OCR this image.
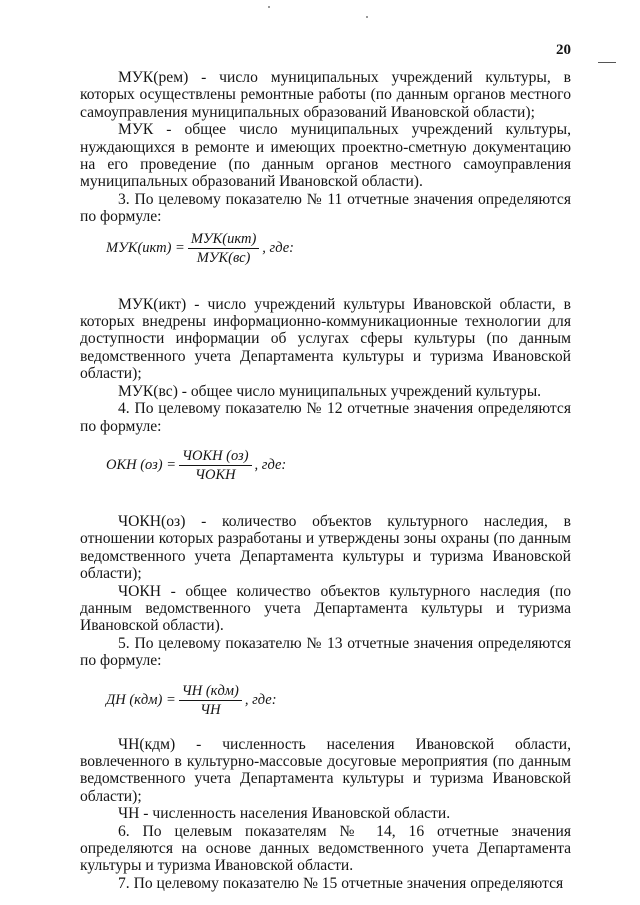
20

МУК(рем) - число муниципальных учреждений культуры, в которых осуществлены ремонтные работы (по данным органов местного самоуправления муниципальных образований Ивановской области);

МУК - общее число муниципальных учреждений культуры, нуждающихся в ремонте и имеющих проектно-сметную документацию на его проведение (по данным органов местного самоуправления муниципальных образований Ивановской области).

3. По целевому показателю № 11 отчетные значения определяются по формуле:

$МУК(икт) = \frac{\text{МУК(икт)}}{\text{МУК(вс)}}$ , где:

МУК(икт) - число учреждений культуры Ивановской области, в которых внедрены информационно-коммуникационные технологии для доступности информации об услугах сферы культуры (по данным ведомственного учета Департамента культуры и туризма Ивановской области);

МУК(вс) - общее число муниципальных учреждений культуры.

4. По целевому показателю № 12 отчетные значения определяются по формуле:

ОКН $(оз) = \frac{\text{ЧОКН (оз)}}{\text{ЧОКН}}$ , где:

ЧОКН(оз) - количество объектов культурного наследия, в отношении которых разработаны и утверждены зоны охраны (по данным ведомственного учета Департамента культуры и туризма Ивановской области);

ЧОКН - общее количество объектов культурного наследия (по данным ведомственного учета Департамента культуры и туризма Ивановской области).

5. По целевому показателю № 13 отчетные значения определяются по формуле:

ДН $(кдм) = \frac{\text{ЧН (кдм)}}{ЧН}$ , где:

ЧН(кдм) - численность населения Ивановской области, вовлеченного в культурно-массовые досуговые мероприятия (по данным ведомственного учета Департамента культуры и туризма Ивановской области);

ЧН - численность населения Ивановской области.

6. По целевым показателям № 14, 16 отчетные значения определяются на основе данных ведомственного учета Департамента культуры и туризма Ивановской области.

7. По целевому показателю № 15 отчетные значения определяются
